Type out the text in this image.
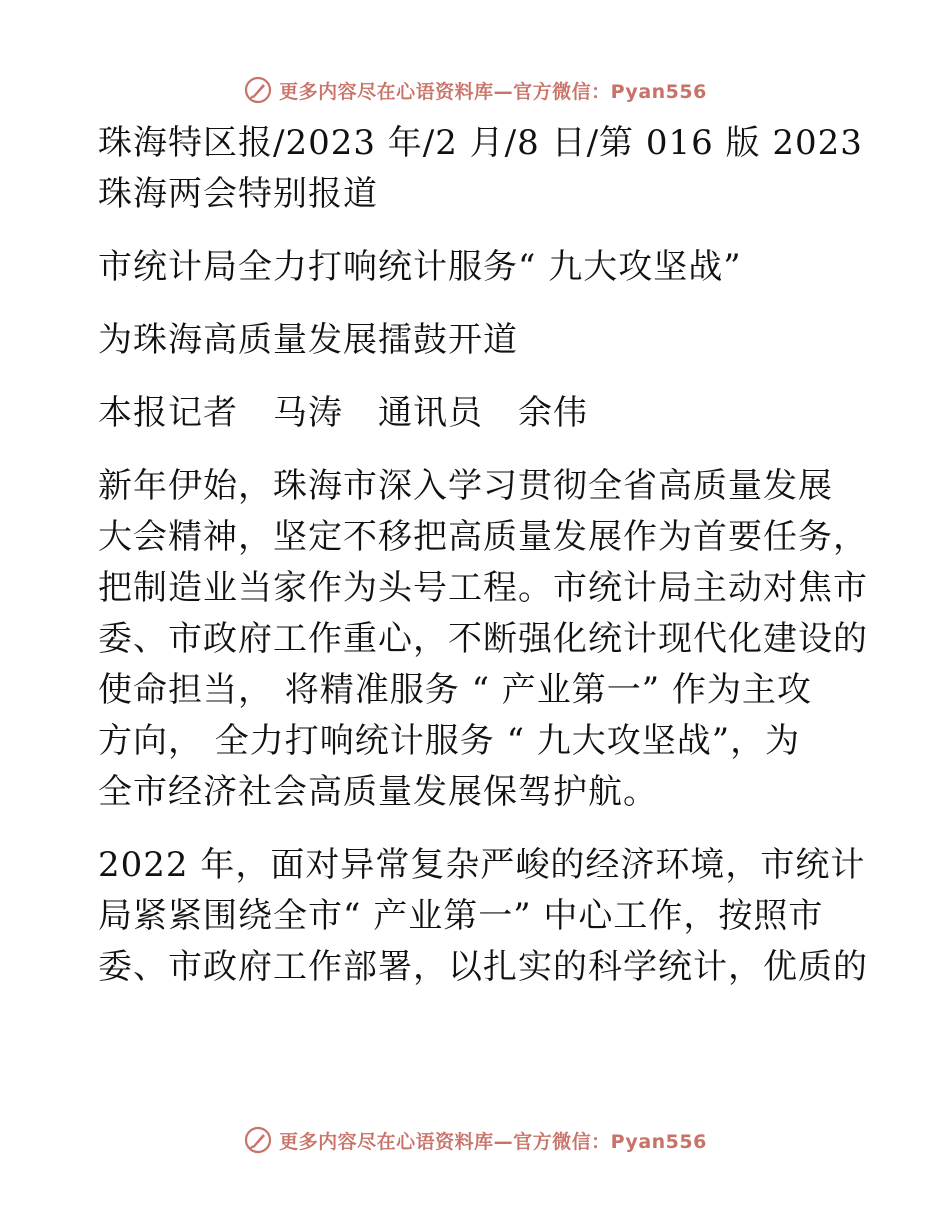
更多内容尽在心语资料库—官方微信：Pyan556
珠海特区报/2023 年/2 月/8 日/第 016 版 2023
珠海两会特别报道
市统计局全力打响统计服务“ 九大攻坚战”
为珠海高质量发展擂鼓开道
本报记者　马涛　通讯员　余伟
新年伊始，珠海市深入学习贯彻全省高质量发展
大会精神，坚定不移把高质量发展作为首要任务，
把制造业当家作为头号工程。市统计局主动对焦市
委、市政府工作重心，不断强化统计现代化建设的
使命担当， 将精准服务 “ 产业第一” 作为主攻
方向， 全力打响统计服务 “ 九大攻坚战”，为
全市经济社会高质量发展保驾护航。
2022 年，面对异常复杂严峻的经济环境，市统计
局紧紧围绕全市“ 产业第一” 中心工作，按照市
委、市政府工作部署，以扎实的科学统计，优质的
更多内容尽在心语资料库—官方微信：Pyan556
